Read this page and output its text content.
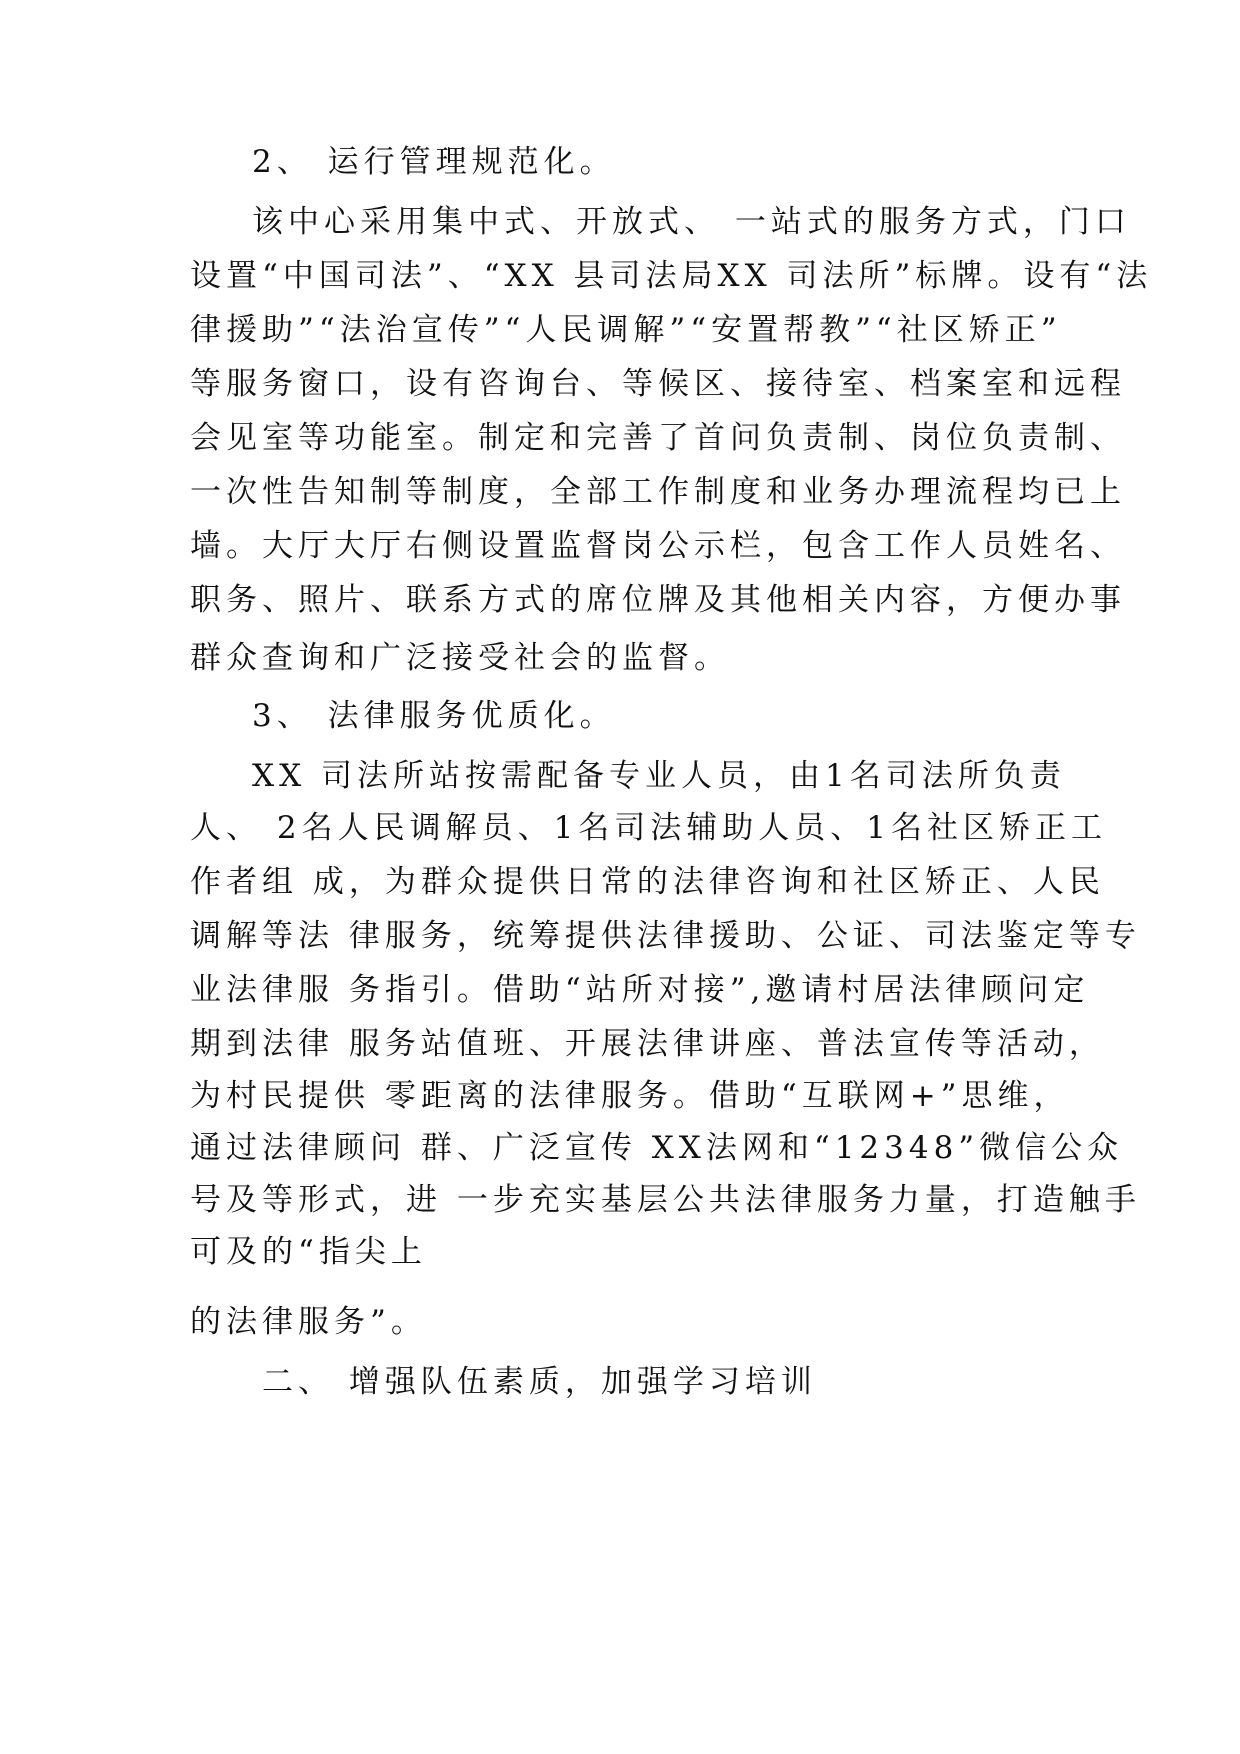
2、 运行管理规范化。
该中心采用集中式、开放式、 一站式的服务方式，门口
设置“中国司法”、“XX 县司法局XX 司法所”标牌。设有“法
律援助”“法治宣传”“人民调解”“安置帮教”“社区矫正”
等服务窗口，设有咨询台、等候区、接待室、档案室和远程
会见室等功能室。制定和完善了首问负责制、岗位负责制、
一次性告知制等制度，全部工作制度和业务办理流程均已上
墙。大厅大厅右侧设置监督岗公示栏，包含工作人员姓名、
职务、照片、联系方式的席位牌及其他相关内容，方便办事
群众查询和广泛接受社会的监督。
3、 法律服务优质化。
XX 司法所站按需配备专业人员，由1名司法所负责
人、 2名人民调解员、1名司法辅助人员、1名社区矫正工
作者组 成，为群众提供日常的法律咨询和社区矫正、人民
调解等法 律服务，统筹提供法律援助、公证、司法鉴定等专
业法律服 务指引。借助“站所对接”,邀请村居法律顾问定
期到法律 服务站值班、开展法律讲座、普法宣传等活动，
为村民提供 零距离的法律服务。借助“互联网+”思维，
通过法律顾问 群、广泛宣传 XX法网和“12348”微信公众
号及等形式，进 一步充实基层公共法律服务力量，打造触手
可及的“指尖上
的法律服务”。
二、 增强队伍素质，加强学习培训
